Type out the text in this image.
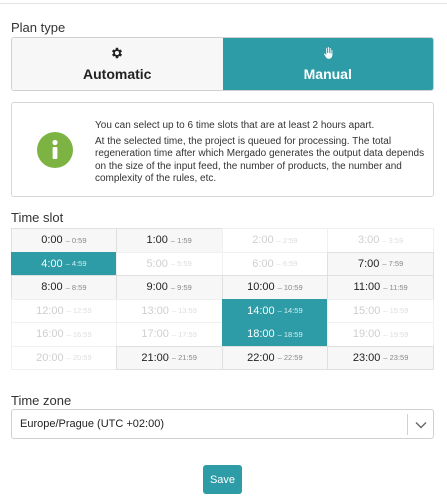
Plan type
Automatic	Manual

You can select up to 6 time slots that are at least 2 hours apart.

At the selected time, the project is queued for processing. The total regeneration time after which Mergado generates the output data depends on the size of the input feed, the number of products, the number and complexity of the rules, etc.

Time slot
0:00 – 0:59	1:00 – 1:59	2:00 – 2:59	3:00 – 3:59
4:00 – 4:59	5:00 – 5:59	6:00 – 6:59	7:00 – 7:59
8:00 – 8:59	9:00 – 9:59	10:00 – 10:59	11:00 – 11:59
12:00 – 12:59	13:00 – 13:59	14:00 – 14:59	15:00 – 15:59
16:00 – 16:59	17:00 – 17:59	18:00 – 18:59	19:00 – 19:59
20:00 – 20:59	21:00 – 21:59	22:00 – 22:59	23:00 – 23:59
Time zone
Europe/Prague (UTC +02:00)
Save
